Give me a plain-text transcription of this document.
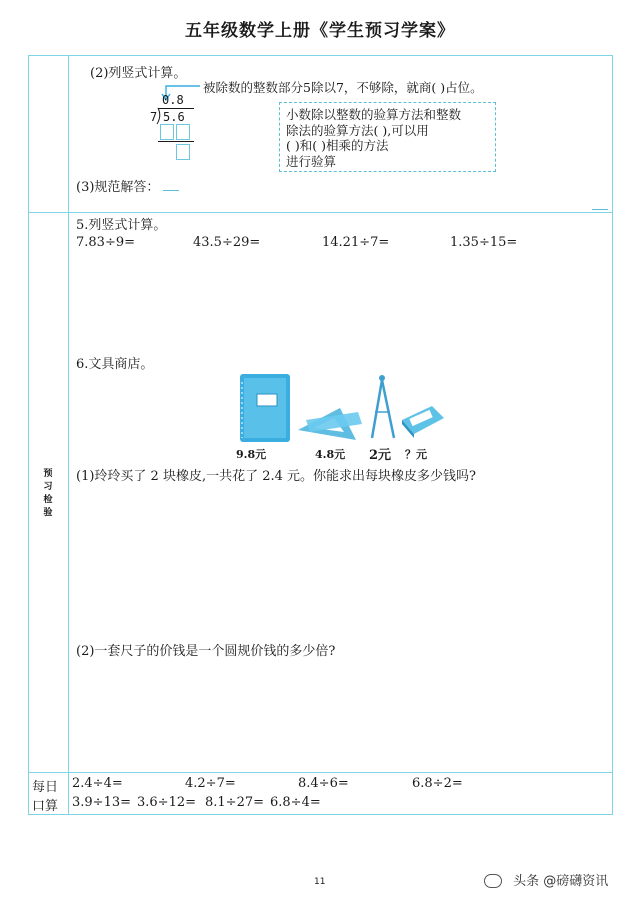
五年级数学上册《学生预习学案》
(2)列竖式计算。
被除数的整数部分5除以7，不够除，就商( )占位。
0.8
7 5.6	小数除以整数的验算方法和整数
除法的验算方法( ),可以用
( )和( )相乘的方法
进行验算
(3)规范解答：
预习检验
5.列竖式计算。
7.83÷9=	43.5÷29=	14.21÷7=	1.35÷15=
6.文具商店。
9.8元	4.8元 2元 ？元
(1)玲玲买了 2 块橡皮,一共花了 2.4 元。你能求出每块橡皮多少钱吗?
(2)一套尺子的价钱是一个圆规价钱的多少倍?
每日
口算
2.4÷4=	4.2÷7=	8.4÷6=	6.8÷2=
3.9÷13= 3.6÷12= 8.1÷27= 6.8÷4=
11	头条 @磅礴资讯
